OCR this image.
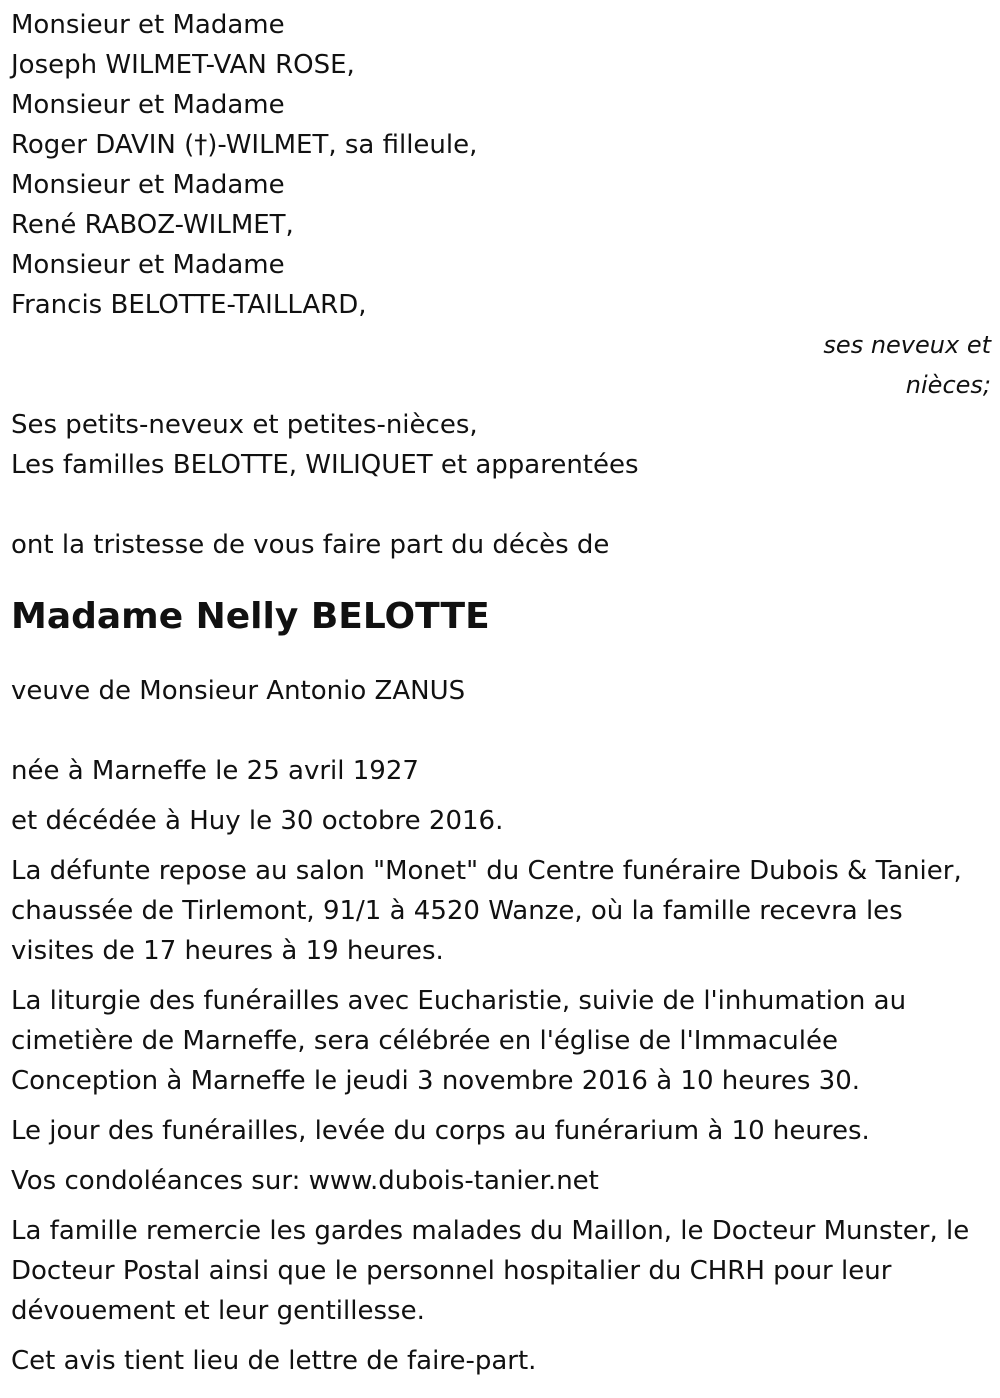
Monsieur et Madame
Joseph WILMET-VAN ROSE,
Monsieur et Madame
Roger DAVIN (†)-WILMET, sa filleule,
Monsieur et Madame
René RABOZ-WILMET,
Monsieur et Madame
Francis BELOTTE-TAILLARD,
ses neveux et
nièces;
Ses petits-neveux et petites-nièces,
Les familles BELOTTE, WILIQUET et apparentées
ont la tristesse de vous faire part du décès de
Madame Nelly BELOTTE
veuve de Monsieur Antonio ZANUS
née à Marneffe le 25 avril 1927
et décédée à Huy le 30 octobre 2016.
La défunte repose au salon "Monet" du Centre funéraire Dubois & Tanier, chaussée de Tirlemont, 91/1 à 4520 Wanze, où la famille recevra les visites de 17 heures à 19 heures.
La liturgie des funérailles avec Eucharistie, suivie de l'inhumation au cimetière de Marneffe, sera célébrée en l'église de l'Immaculée Conception à Marneffe le jeudi 3 novembre 2016 à 10 heures 30.
Le jour des funérailles, levée du corps au funérarium à 10 heures.
Vos condoléances sur: www.dubois-tanier.net
La famille remercie les gardes malades du Maillon, le Docteur Munster, le Docteur Postal ainsi que le personnel hospitalier du CHRH pour leur dévouement et leur gentillesse.
Cet avis tient lieu de lettre de faire-part.
